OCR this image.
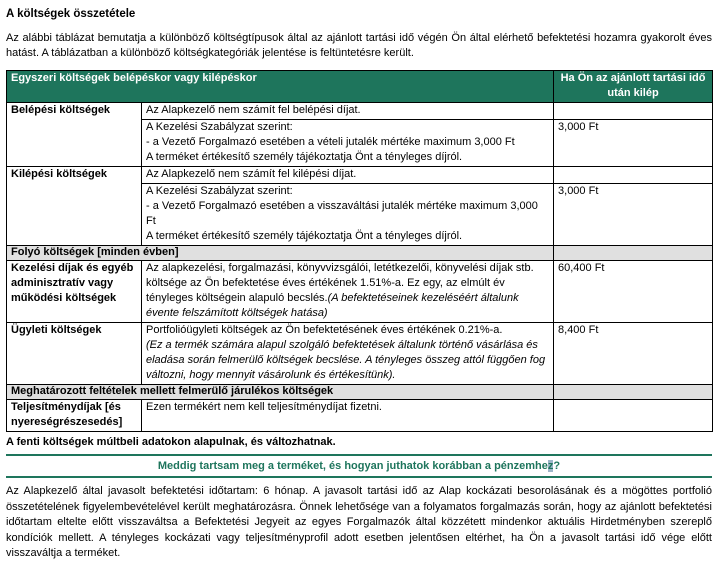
A költségek összetétele

Az alábbi táblázat bemutatja a különböző költségtípusok által az ajánlott tartási idő végén Ön által elérhető befektetési hozamra gyakorolt éves hatást. A táblázatban a különböző költségkategóriák jelentése is feltüntetésre került.

Egyszeri költségek belépéskor vagy kilépéskor		Ha Ön az ajánlott tartási idő után kilép
Belépési költségek	Az Alapkezelő nem számít fel belépési díjat.	

	A Kezelési Szabályzat szerint:
- a Vezető Forgalmazó esetében a vételi jutalék mértéke maximum 3,000 Ft
A terméket értékesítő személy tájékoztatja Önt a tényleges díjról.	3,000 Ft
Kilépési költségek	Az Alapkezelő nem számít fel kilépési díjat.	

	A Kezelési Szabályzat szerint:
- a Vezető Forgalmazó esetében a visszaváltási jutalék mértéke maximum 3,000 Ft
A terméket értékesítő személy tájékoztatja Önt a tényleges díjról.	3,000 Ft
Folyó költségek [minden évben]		
Kezelési díjak és egyéb adminisztratív vagy működési költségek	Az alapkezelési, forgalmazási, könyvvizsgálói, letétkezelői, könyvelési díjak stb. költsége az Ön befektetése éves értékének 1.51%-a. Ez egy, az elmúlt év tényleges költségein alapuló becslés.(A befektetéseinek kezeléséért általunk évente felszámított költségek hatása)	60,400 Ft
Ügyleti költségek	Portfolióügyleti költségek az Ön befektetésének éves értékének 0.21%-a.
(Ez a termék számára alapul szolgáló befektetések általunk történő vásárlása és eladása során felmerülő költségek becslése. A tényleges összeg attól függően fog változni, hogy mennyit vásárolunk és értékesítünk).	8,400 Ft
Meghatározott feltételek mellett felmerülő járulékos költségek		
Teljesítménydíjak [és nyereségrészesedés]	Ezen termékért nem kell teljesítménydíjat fizetni.	
A fenti költségek múltbeli adatokon alapulnak, és változhatnak.
Meddig tartsam meg a terméket, és hogyan juthatok korábban a pénzemhez?

Az Alapkezelő által javasolt befektetési időtartam: 6 hónap. A javasolt tartási idő az Alap kockázati besorolásának és a mögöttes portfolió összetételének figyelembevételével került meghatározásra. Önnek lehetősége van a folyamatos forgalmazás során, hogy az ajánlott befektetési időtartam eltelte előtt visszaváltsa a Befektetési Jegyeit az egyes Forgalmazók által közzétett mindenkor aktuális Hirdetményben szereplő kondíciók mellett. A tényleges kockázati vagy teljesítményprofil adott esetben jelentősen eltérhet, ha Ön a javasolt tartási idő vége előtt visszaváltja a terméket.
